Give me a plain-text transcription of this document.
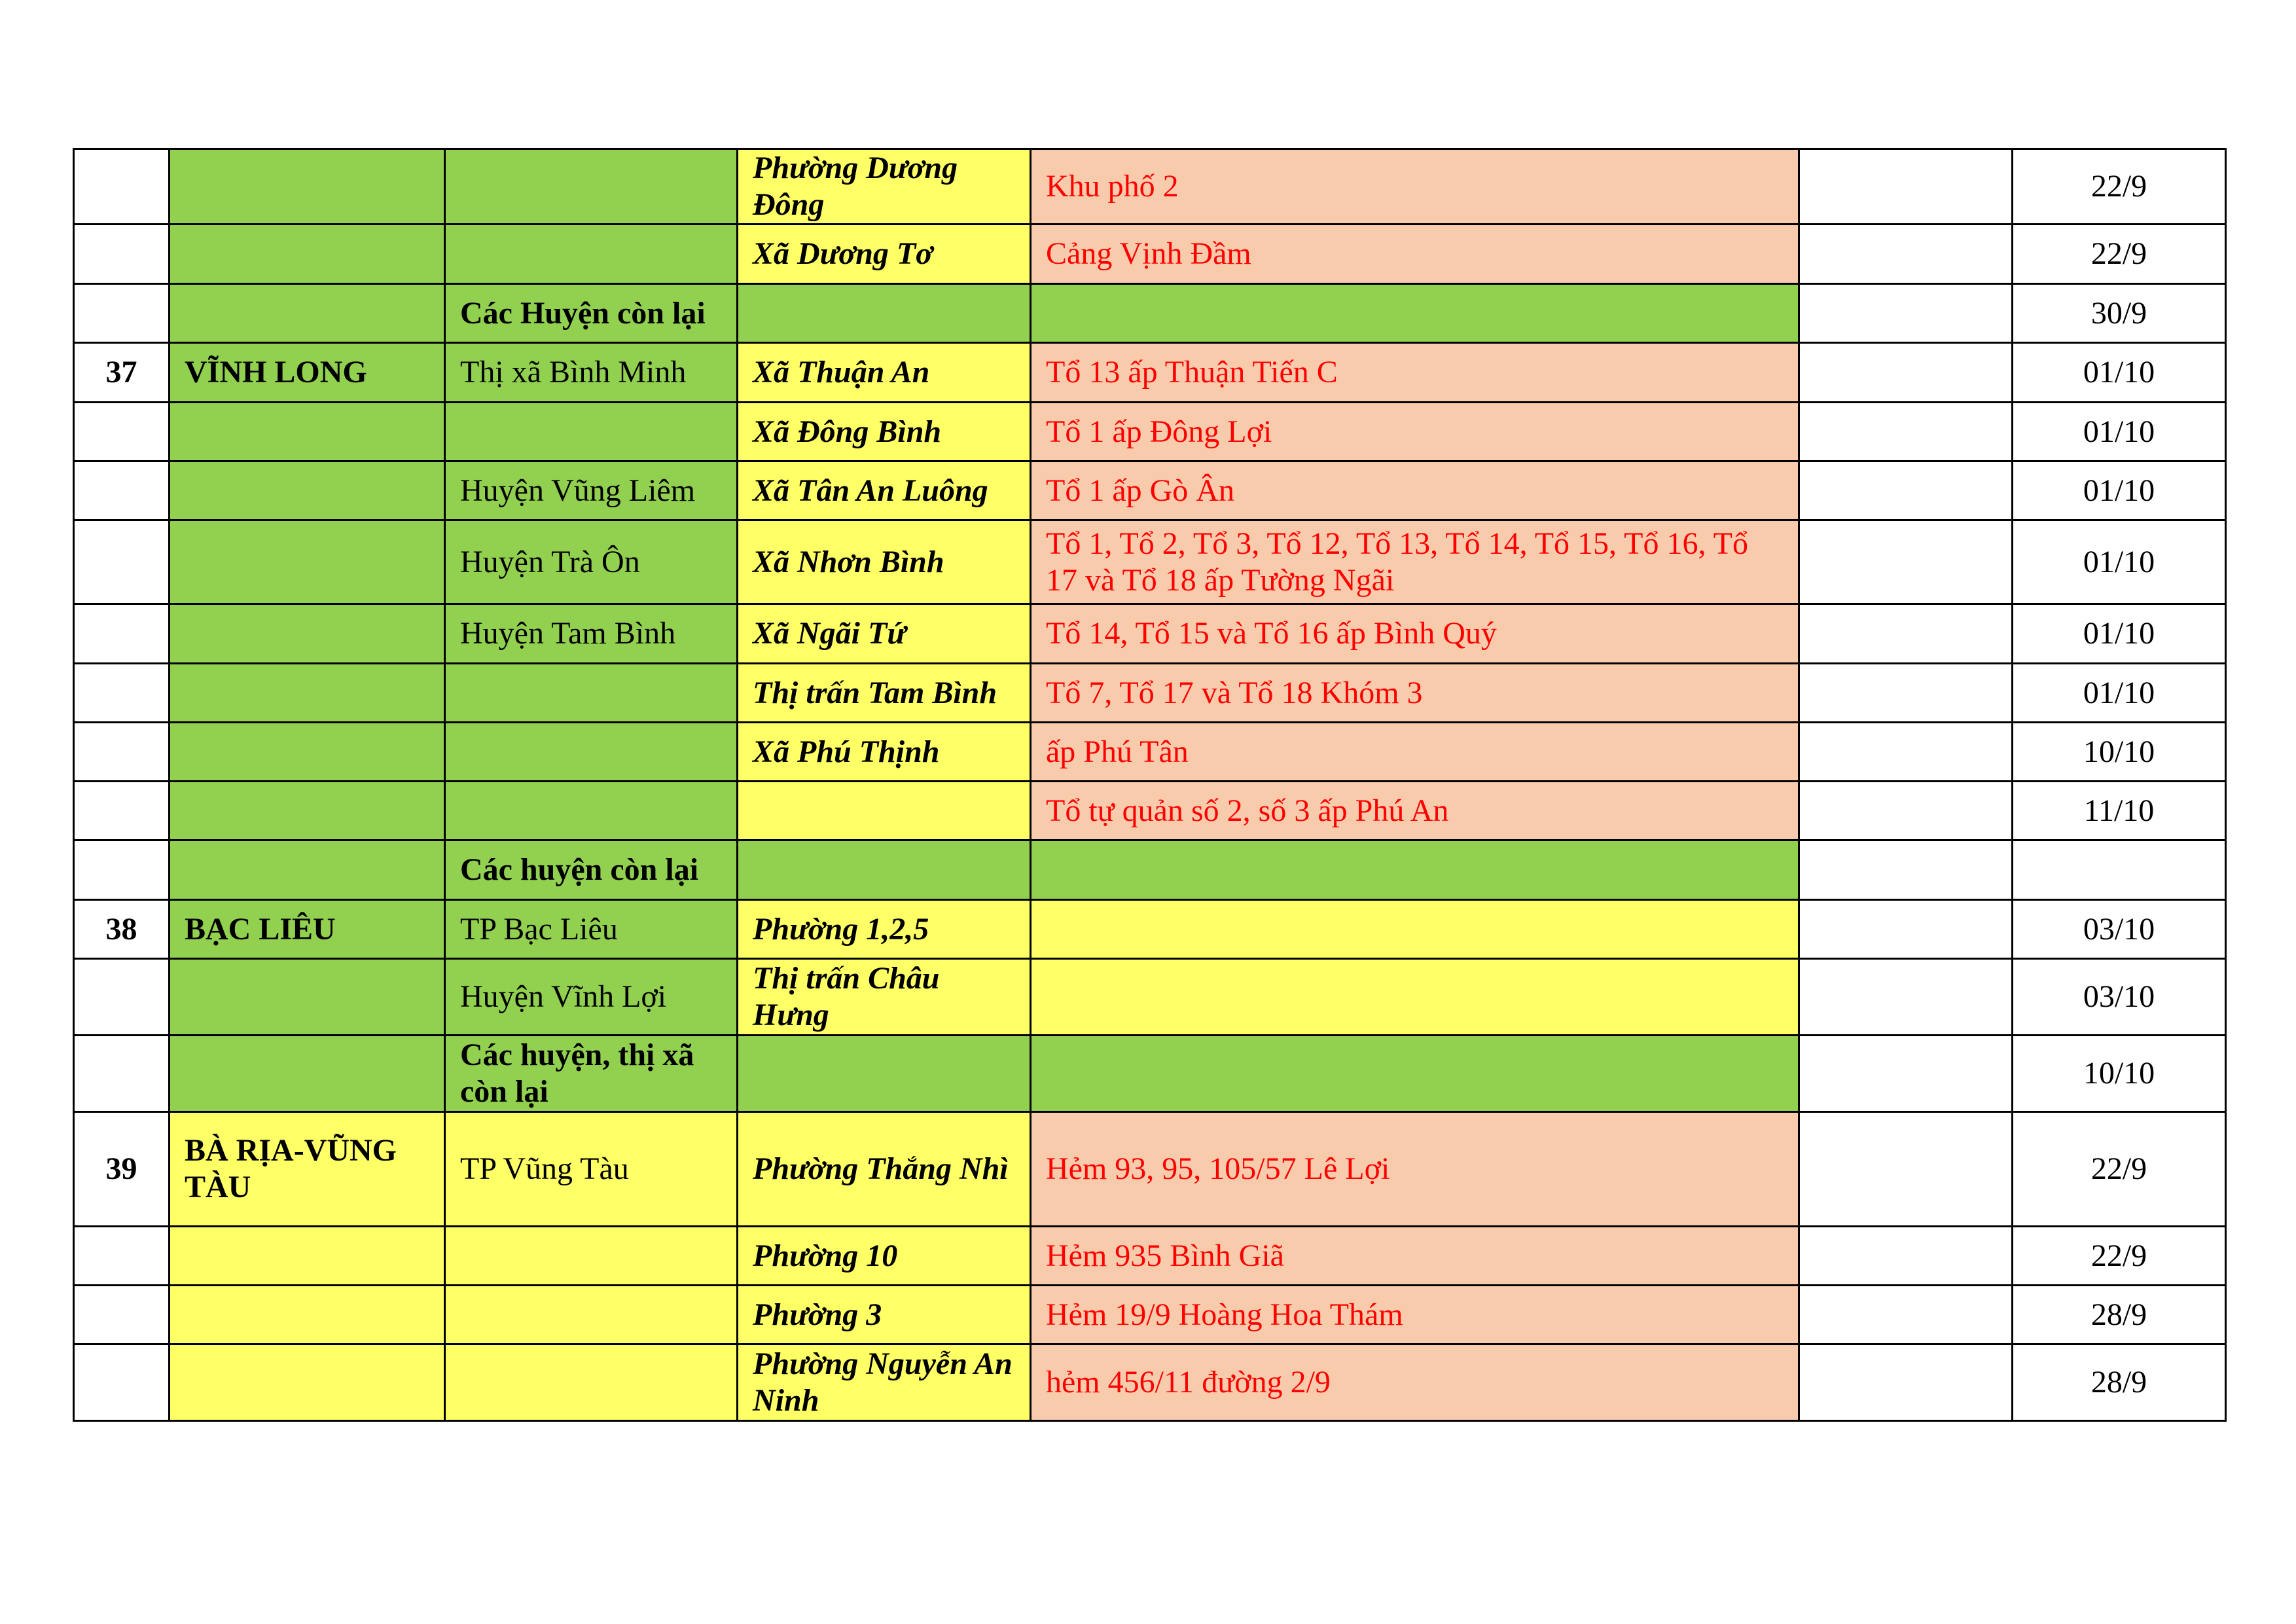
			Phường Dương Đông	Khu phố 2		22/9
			Xã Dương Tơ	Cảng Vịnh Đầm		22/9
		Các Huyện còn lại				30/9
37	VĨNH LONG	Thị xã Bình Minh	Xã Thuận An	Tổ 13 ấp Thuận Tiến C		01/10
			Xã Đông Bình	Tổ 1 ấp Đông Lợi		01/10
		Huyện Vũng Liêm	Xã Tân An Luông	Tổ 1 ấp Gò Ân		01/10
		Huyện Trà Ôn	Xã Nhơn Bình	Tổ 1, Tổ 2, Tổ 3, Tổ 12, Tổ 13, Tổ 14, Tổ 15, Tổ 16, Tổ 17 và Tổ 18 ấp Tường Ngãi		01/10
		Huyện Tam Bình	Xã Ngãi Tứ	Tổ 14, Tổ 15 và Tổ 16 ấp Bình Quý		01/10
			Thị trấn Tam Bình	Tổ 7, Tổ 17 và Tổ 18 Khóm 3		01/10
			Xã Phú Thịnh	ấp Phú Tân		10/10
				Tổ tự quản số 2, số 3 ấp Phú An		11/10
		Các huyện còn lại				
38	BẠC LIÊU	TP Bạc Liêu	Phường 1,2,5			03/10
		Huyện Vĩnh Lợi	Thị trấn Châu Hưng			03/10
		Các huyện, thị xã còn lại				10/10
39	BÀ RỊA-VŨNG TÀU	TP Vũng Tàu	Phường Thắng Nhì	Hẻm 93, 95, 105/57 Lê Lợi		22/9
			Phường 10	Hẻm 935 Bình Giã		22/9
			Phường 3	Hẻm 19/9 Hoàng Hoa Thám		28/9
			Phường Nguyễn An Ninh	hẻm 456/11 đường 2/9		28/9
